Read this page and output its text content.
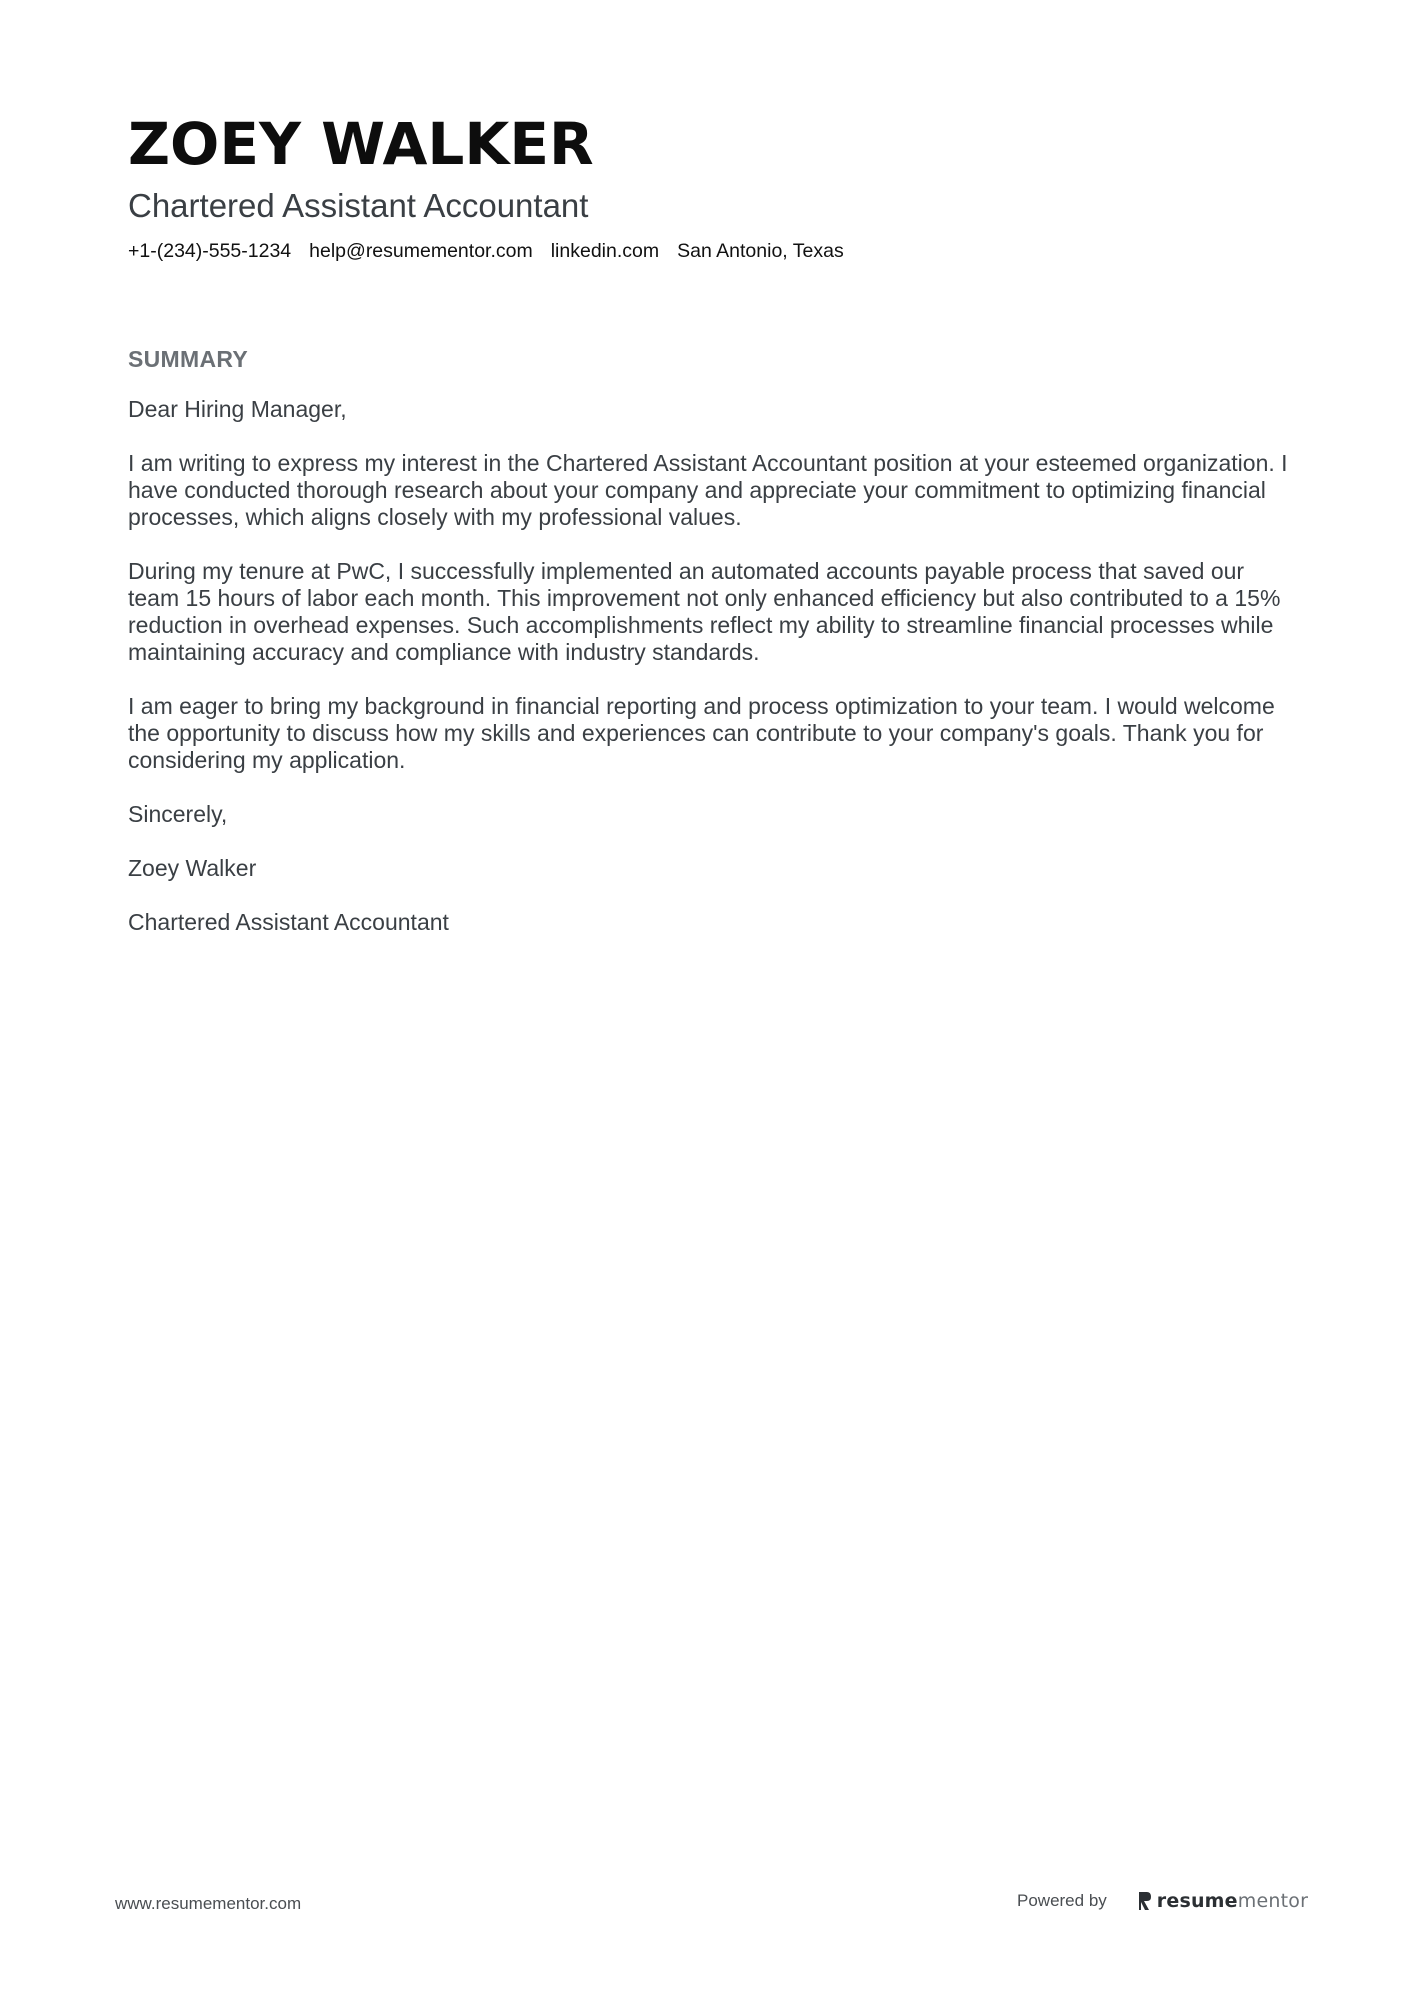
ZOEY WALKER
Chartered Assistant Accountant
+1-(234)-555-1234 help@resumementor.com linkedin.com San Antonio, Texas
SUMMARY

Dear Hiring Manager,

I am writing to express my interest in the Chartered Assistant Accountant position at your esteemed organization. I have conducted thorough research about your company and appreciate your commitment to optimizing financial processes, which aligns closely with my professional values.

During my tenure at PwC, I successfully implemented an automated accounts payable process that saved our team 15 hours of labor each month. This improvement not only enhanced efficiency but also contributed to a 15% reduction in overhead expenses. Such accomplishments reflect my ability to streamline financial processes while maintaining accuracy and compliance with industry standards.

I am eager to bring my background in financial reporting and process optimization to your team. I would welcome the opportunity to discuss how my skills and experiences can contribute to your company's goals. Thank you for considering my application.

Sincerely,

Zoey Walker

Chartered Assistant Accountant

www.resumementor.com	Powered by	resume mentor
